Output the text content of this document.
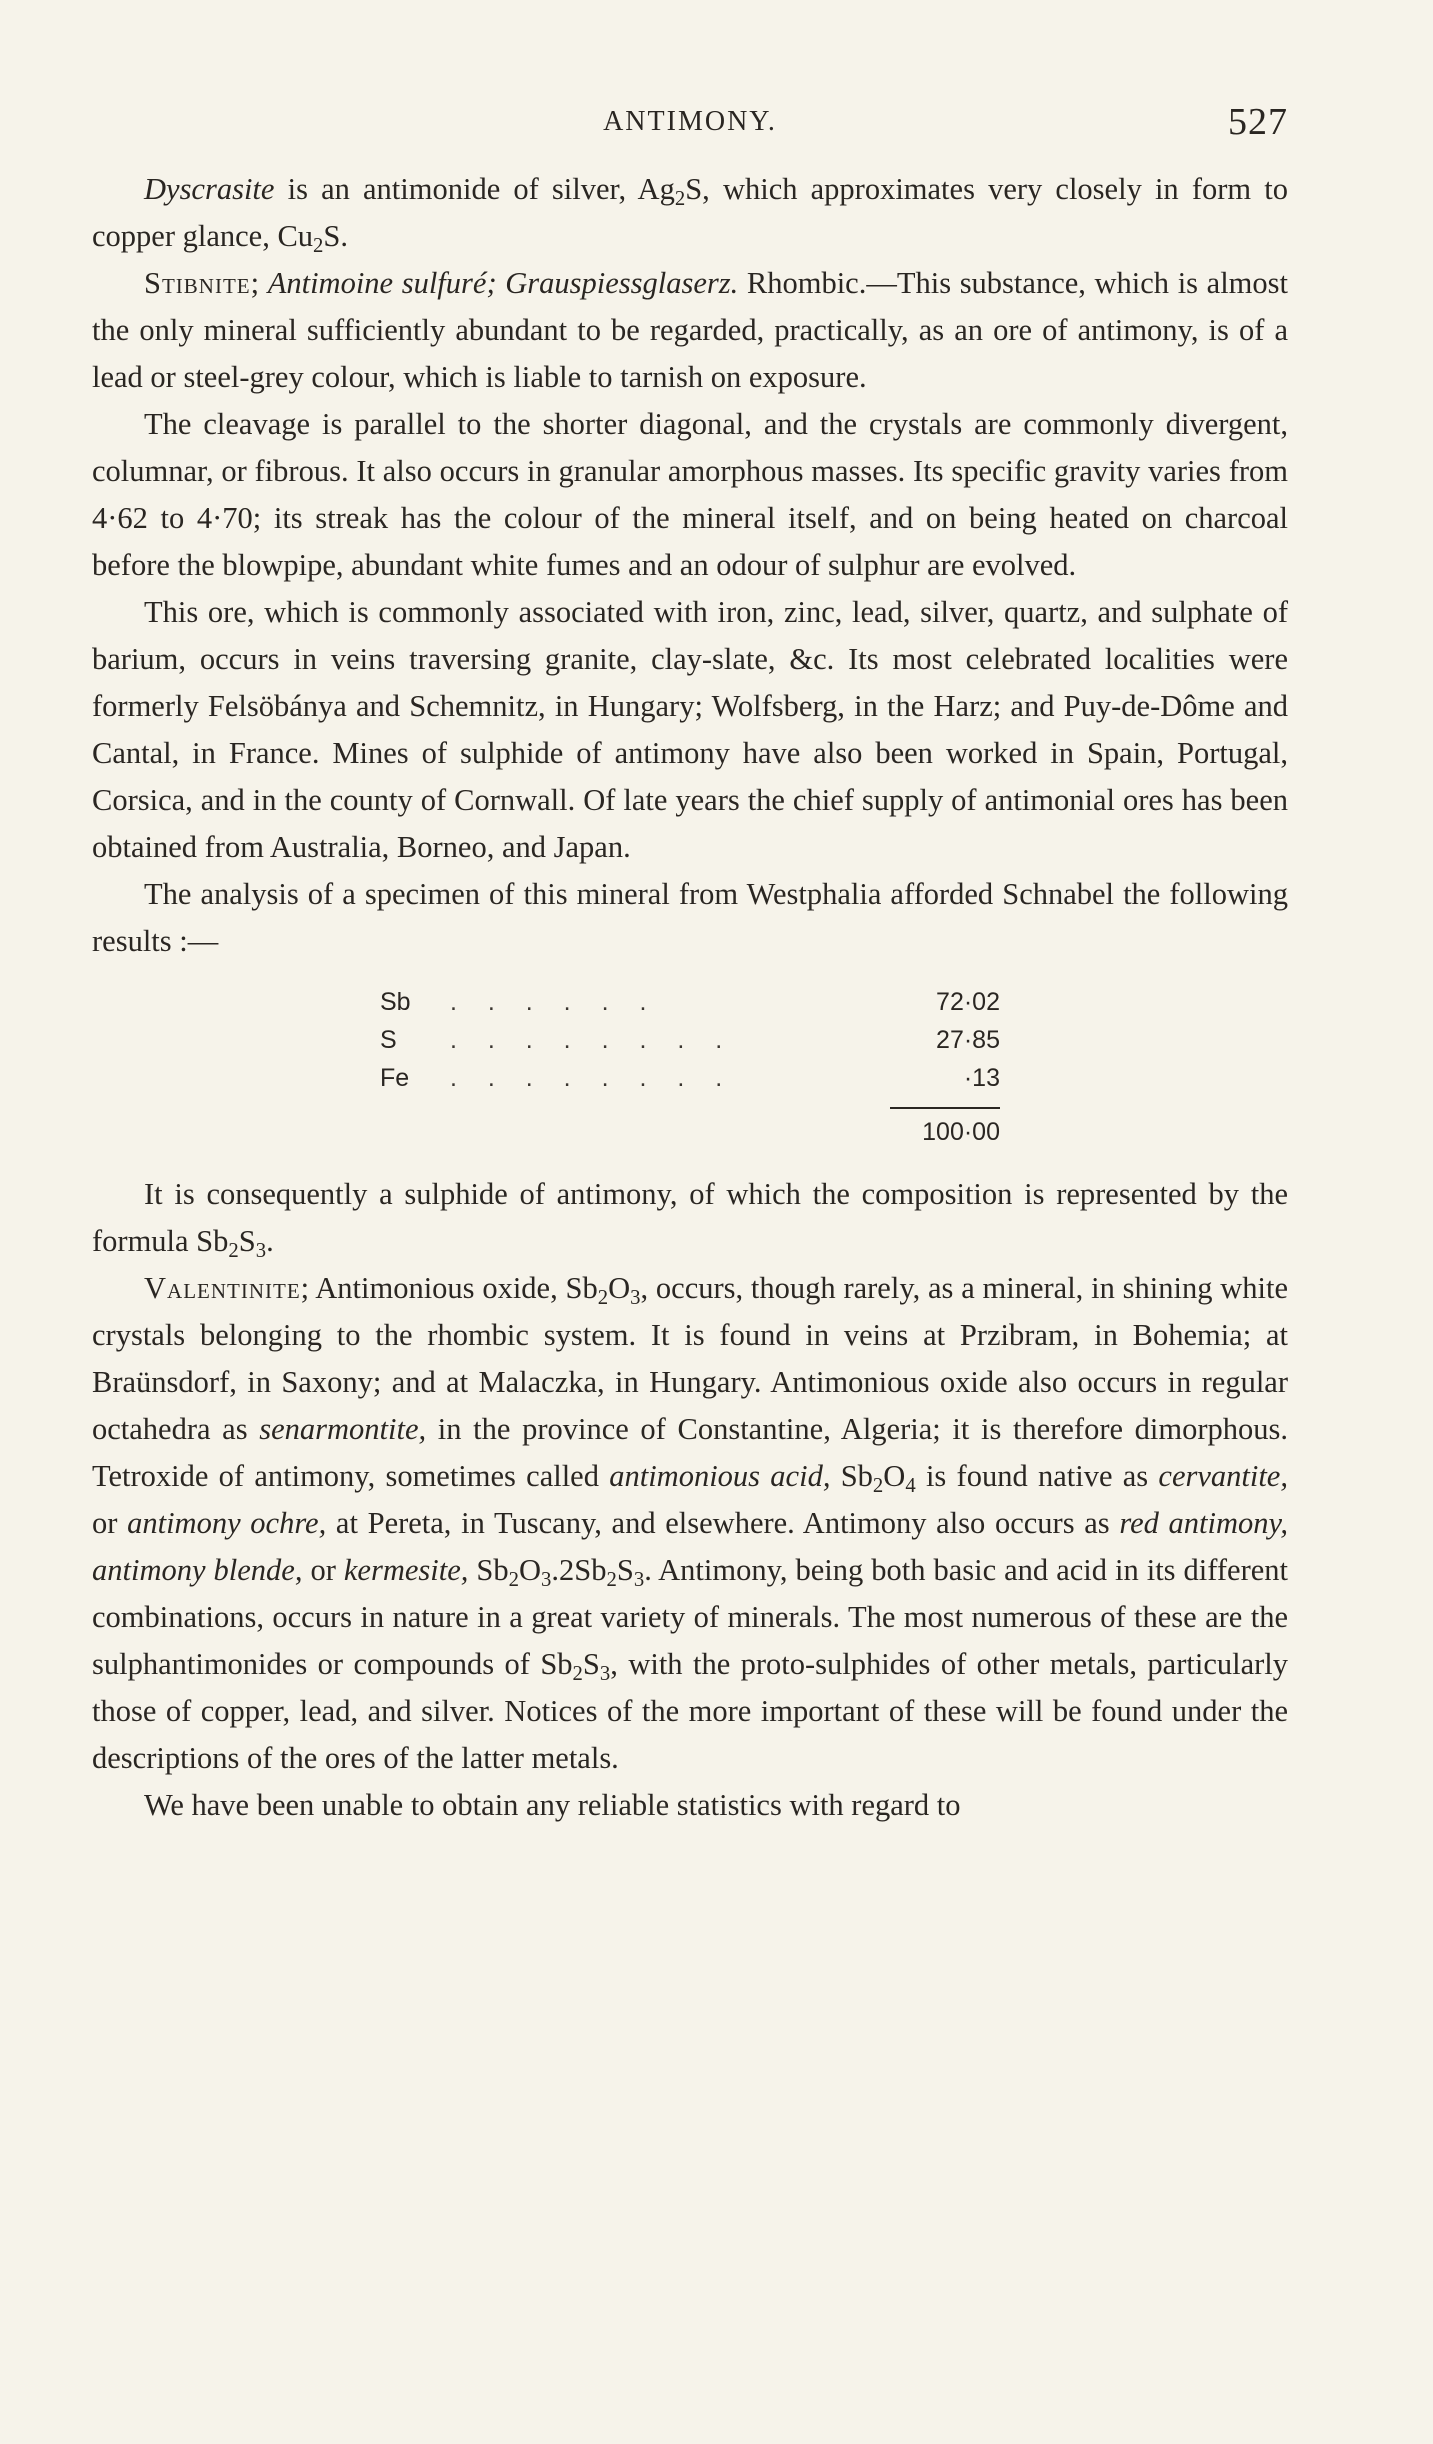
ANTIMONY.	527

Dyscrasite is an antimonide of silver, $Ag_2S$, which approximates very closely in form to copper glance, $Cu_2S$.

Stibnite; Antimoine sulfuré; Grauspiessglaserz. Rhombic.—This substance, which is almost the only mineral sufficiently abundant to be regarded, practically, as an ore of antimony, is of a lead or steel-grey colour, which is liable to tarnish on exposure.

The cleavage is parallel to the shorter diagonal, and the crystals are commonly divergent, columnar, or fibrous. It also occurs in granular amorphous masses. Its specific gravity varies from 4·62 to 4·70; its streak has the colour of the mineral itself, and on being heated on charcoal before the blowpipe, abundant white fumes and an odour of sulphur are evolved.

This ore, which is commonly associated with iron, zinc, lead, silver, quartz, and sulphate of barium, occurs in veins traversing granite, clay-slate, &c. Its most celebrated localities were formerly Felsöbánya and Schemnitz, in Hungary; Wolfsberg, in the Harz; and Puy-de-Dôme and Cantal, in France. Mines of sulphide of antimony have also been worked in Spain, Portugal, Corsica, and in the county of Cornwall. Of late years the chief supply of antimonial ores has been obtained from Australia, Borneo, and Japan.

The analysis of a specimen of this mineral from Westphalia afforded Schnabel the following results :—

Sb	. . . . . .	72·02
S	. . . . . . . .	27·85
Fe	. . . . . . . .	·13
100·00

It is consequently a sulphide of antimony, of which the composition is represented by the formula $Sb_2S_3$.

Valentinite; Antimonious oxide, $Sb_2O_3$, occurs, though rarely, as a mineral, in shining white crystals belonging to the rhombic system. It is found in veins at Przibram, in Bohemia; at Braünsdorf, in Saxony; and at Malaczka, in Hungary. Antimonious oxide also occurs in regular octahedra as senarmontite, in the province of Constantine, Algeria; it is therefore dimorphous. Tetroxide of antimony, sometimes called antimonious acid, $Sb_2O_4$ is found native as cervantite, or antimony ochre, at Pereta, in Tuscany, and elsewhere. Antimony also occurs as red antimony, antimony blende, or kermesite, $Sb_2O_3.2Sb_2S_3$. Antimony, being both basic and acid in its different combinations, occurs in nature in a great variety of minerals. The most numerous of these are the sulphantimonides or compounds of $Sb_2S_3$, with the proto-sulphides of other metals, particularly those of copper, lead, and silver. Notices of the more important of these will be found under the descriptions of the ores of the latter metals.

We have been unable to obtain any reliable statistics with regard to
